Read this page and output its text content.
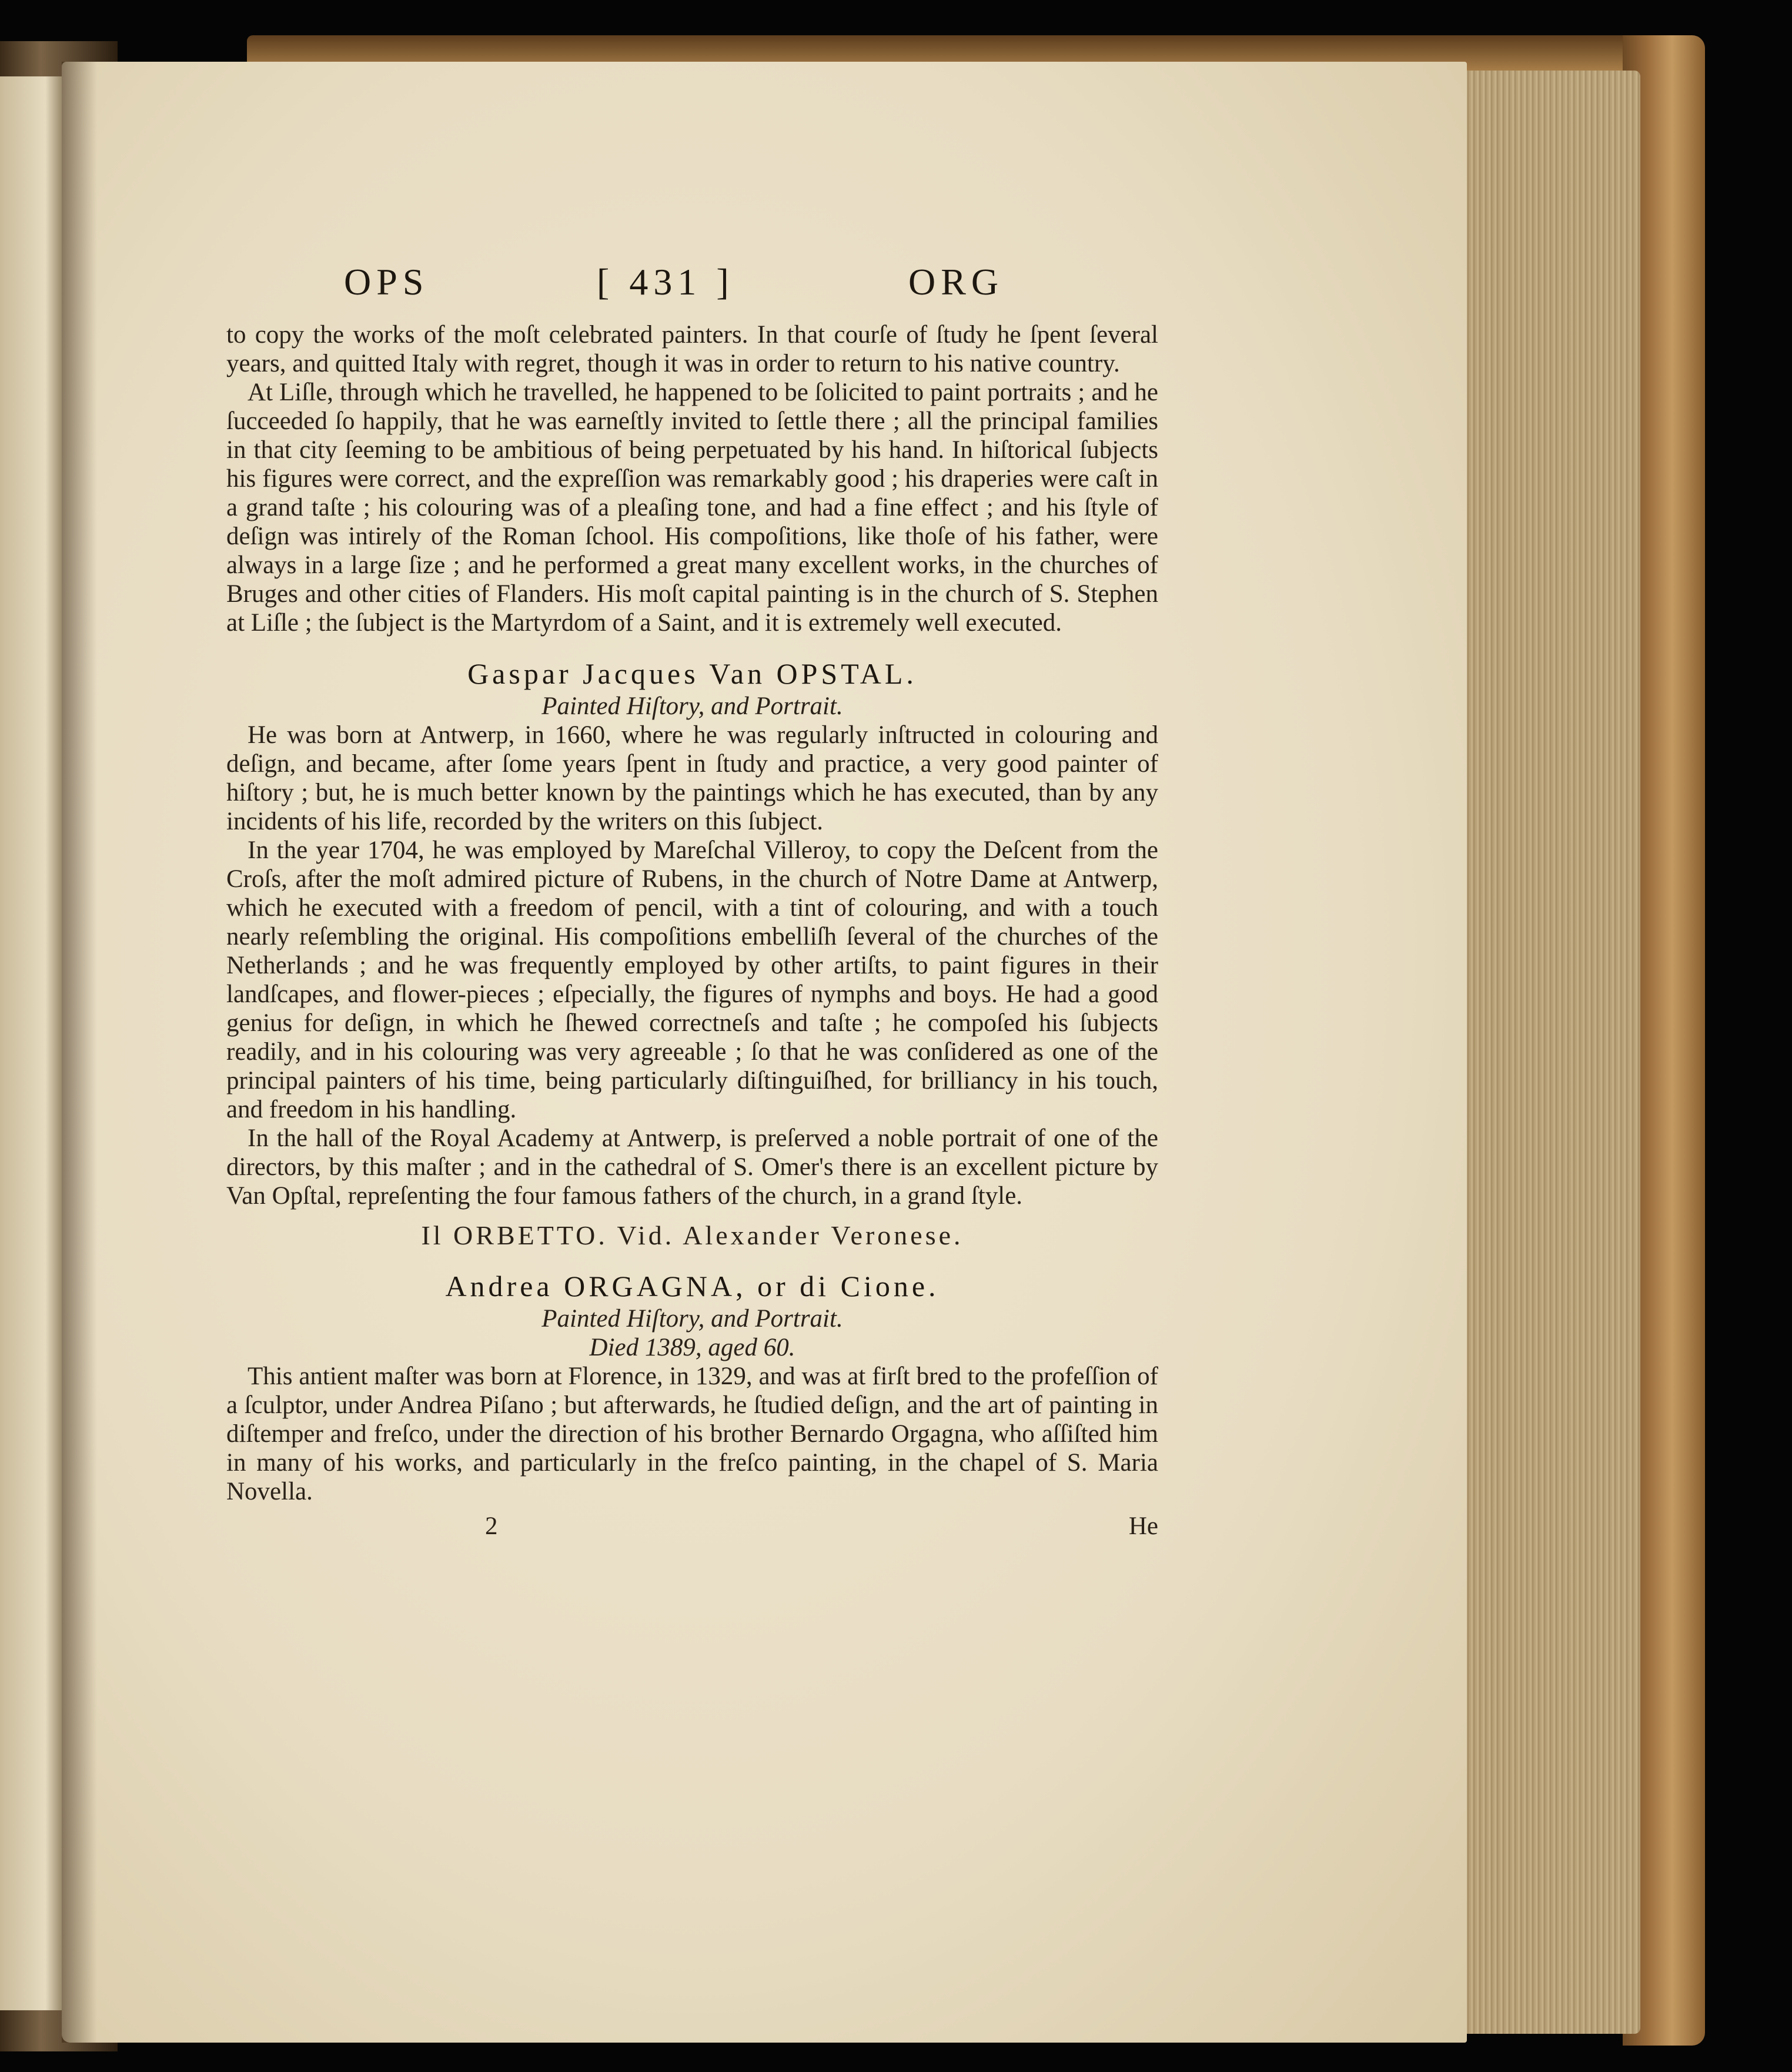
OPS	[ 431 ]	ORG

to copy the works of the moſt celebrated painters. In that courſe of ſtudy he ſpent ſeveral years, and quitted Italy with regret, though it was in order to return to his native country.

At Liſle, through which he travelled, he happened to be ſolicited to paint portraits ; and he ſucceeded ſo happily, that he was earneſtly invited to ſettle there ; all the principal families in that city ſeeming to be ambitious of being perpetuated by his hand. In hiſtorical ſubjects his figures were correct, and the expreſſion was remarkably good ; his draperies were caſt in a grand taſte ; his colouring was of a pleaſing tone, and had a fine effect ; and his ſtyle of deſign was intirely of the Roman ſchool. His compoſitions, like thoſe of his father, were always in a large ſize ; and he performed a great many excellent works, in the churches of Bruges and other cities of Flanders. His moſt capital painting is in the church of S. Stephen at Liſle ; the ſubject is the Martyrdom of a Saint, and it is extremely well executed.

Gaspar Jacques Van OPSTAL.

Painted Hiſtory, and Portrait.

He was born at Antwerp, in 1660, where he was regularly inſtructed in colouring and deſign, and became, after ſome years ſpent in ſtudy and practice, a very good painter of hiſtory ; but, he is much better known by the paintings which he has executed, than by any incidents of his life, recorded by the writers on this ſubject.

In the year 1704, he was employed by Mareſchal Villeroy, to copy the Deſcent from the Croſs, after the moſt admired picture of Rubens, in the church of Notre Dame at Antwerp, which he executed with a freedom of pencil, with a tint of colouring, and with a touch nearly reſembling the original. His compoſitions embelliſh ſeveral of the churches of the Netherlands ; and he was frequently employed by other artiſts, to paint figures in their landſcapes, and flower-pieces ; eſpecially, the figures of nymphs and boys. He had a good genius for deſign, in which he ſhewed correctneſs and taſte ; he compoſed his ſubjects readily, and in his colouring was very agreeable ; ſo that he was conſidered as one of the principal painters of his time, being particularly diſtinguiſhed, for brilliancy in his touch, and freedom in his handling.

In the hall of the Royal Academy at Antwerp, is preſerved a noble portrait of one of the directors, by this maſter ; and in the cathedral of S. Omer's there is an excellent picture by Van Opſtal, repreſenting the four famous fathers of the church, in a grand ſtyle.

Il ORBETTO. Vid. Alexander Veronese.
Andrea ORGAGNA, or di Cione.

Painted Hiſtory, and Portrait.

Died 1389, aged 60.

This antient maſter was born at Florence, in 1329, and was at firſt bred to the profeſſion of a ſculptor, under Andrea Piſano ; but afterwards, he ſtudied deſign, and the art of painting in diſtemper and freſco, under the direction of his brother Bernardo Orgagna, who aſſiſted him in many of his works, and particularly in the freſco painting, in the chapel of S. Maria Novella.

2	He
